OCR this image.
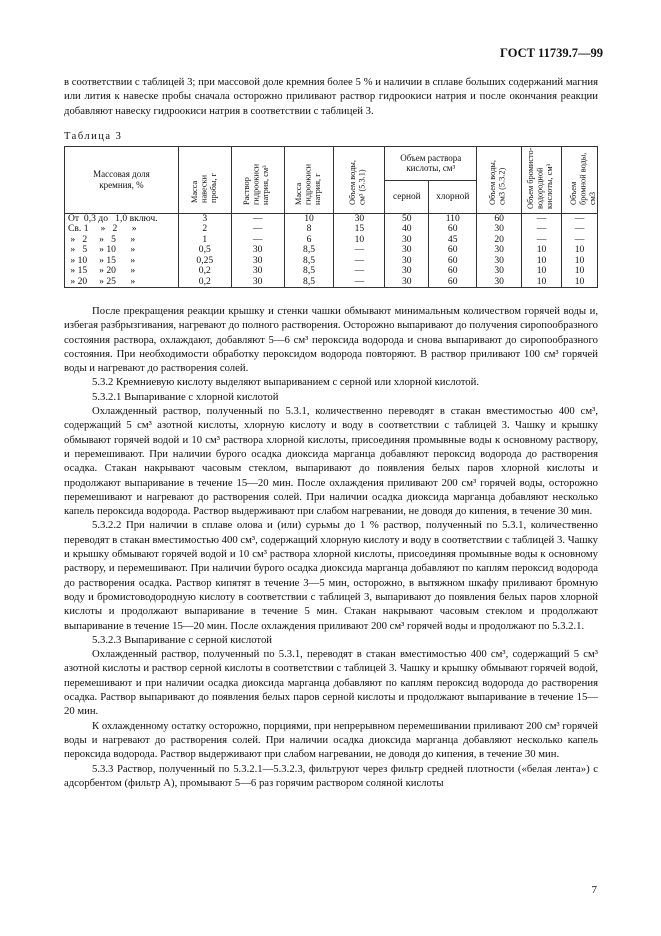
ГОСТ 11739.7—99

в соответствии с таблицей 3; при массовой доле кремния более 5 % и наличии в сплаве больших содержаний магния или лития к навеске пробы сначала осторожно приливают раствор гидроокиси натрия и после окончания реакции добавляют навеску гидроокиси натрия в соответствии с таблицей 3.

Таблица 3
Массовая доля кремния, %	Масса навески пробы, г	Раствор гидроокиси натрия, см³	Масса гидроокиси натрия, г	Объем воды, см³ (5.3.1)	Объем раствора кислоты, см³		Объем воды, см3 (5.3.2)	Объем бромисто-водородной кислоты, см³	Объем бромной воды, см3
					серной	хлорной			
От  0,3 до   1,0 включ.	3	—	10	30	50	110	60	—	—
Св. 1     »   2      »	2	—	8	15	40	60	30	—	—
»   2     »   5      »	1	—	6	10	30	45	20	—	—
»   5     » 10      »	0,5	30	8,5	—	30	60	30	10	10
» 10     » 15      »	0,25	30	8,5	—	30	60	30	10	10
» 15     » 20      »	0,2	30	8,5	—	30	60	30	10	10
» 20     » 25      »	0,2	30	8,5	—	30	60	30	10	10

После прекращения реакции крышку и стенки чашки обмывают минимальным количеством горячей воды и, избегая разбрызгивания, нагревают до полного растворения. Осторожно выпаривают до получения сиропообразного состояния раствора, охлаждают, добавляют 5—6 см³ пероксида водорода и снова выпаривают до сиропообразного состояния. При необходимости обработку пероксидом водорода повторяют. В раствор приливают 100 см³ горячей воды и нагревают до растворения солей.

5.3.2 Кремниевую кислоту выделяют выпариванием с серной или хлорной кислотой.

5.3.2.1 Выпаривание с хлорной кислотой

Охлажденный раствор, полученный по 5.3.1, количественно переводят в стакан вместимостью 400 см³, содержащий 5 см³ азотной кислоты, хлорную кислоту и воду в соответствии с таблицей 3. Чашку и крышку обмывают горячей водой и 10 см³ раствора хлорной кислоты, присоединяя промывные воды к основному раствору, и перемешивают. При наличии бурого осадка диоксида марганца добавляют пероксид водорода до растворения осадка. Стакан накрывают часовым стеклом, выпаривают до появления белых паров хлорной кислоты и продолжают выпаривание в течение 15—20 мин. После охлаждения приливают 200 см³ горячей воды, осторожно перемешивают и нагревают до растворения солей. При наличии осадка диоксида марганца добавляют несколько капель пероксида водорода. Раствор выдерживают при слабом нагревании, не доводя до кипения, в течение 30 мин.

5.3.2.2 При наличии в сплаве олова и (или) сурьмы до 1 % раствор, полученный по 5.3.1, количественно переводят в стакан вместимостью 400 см³, содержащий хлорную кислоту и воду в соответствии с таблицей 3. Чашку и крышку обмывают горячей водой и 10 см³ раствора хлорной кислоты, присоединяя промывные воды к основному раствору, и перемешивают. При наличии бурого осадка диоксида марганца добавляют по каплям пероксид водорода до растворения осадка. Раствор кипятят в течение 3—5 мин, осторожно, в вытяжном шкафу приливают бромную воду и бромистоводородную кислоту в соответствии с таблицей 3, выпаривают до появления белых паров хлорной кислоты и продолжают выпаривание в течение 5 мин. Стакан накрывают часовым стеклом и продолжают выпаривание в течение 15—20 мин. После охлаждения приливают 200 см³ горячей воды и продолжают по 5.3.2.1.

5.3.2.3 Выпаривание с серной кислотой

Охлажденный раствор, полученный по 5.3.1, переводят в стакан вместимостью 400 см³, содержащий 5 см³ азотной кислоты и раствор серной кислоты в соответствии с таблицей 3. Чашку и крышку обмывают горячей водой, перемешивают и при наличии осадка диоксида марганца добавляют по каплям пероксид водорода до растворения осадка. Раствор выпаривают до появления белых паров серной кислоты и продолжают выпаривание в течение 15—20 мин.

К охлажденному остатку осторожно, порциями, при непрерывном перемешивании приливают 200 см³ горячей воды и нагревают до растворения солей. При наличии осадка диоксида марганца добавляют несколько капель пероксида водорода. Раствор выдерживают при слабом нагревании, не доводя до кипения, в течение 30 мин.

5.3.3 Раствор, полученный по 5.3.2.1—5.3.2.3, фильтруют через фильтр средней плотности («белая лента») с адсорбентом (фильтр А), промывают 5—6 раз горячим раствором соляной кислоты

7
